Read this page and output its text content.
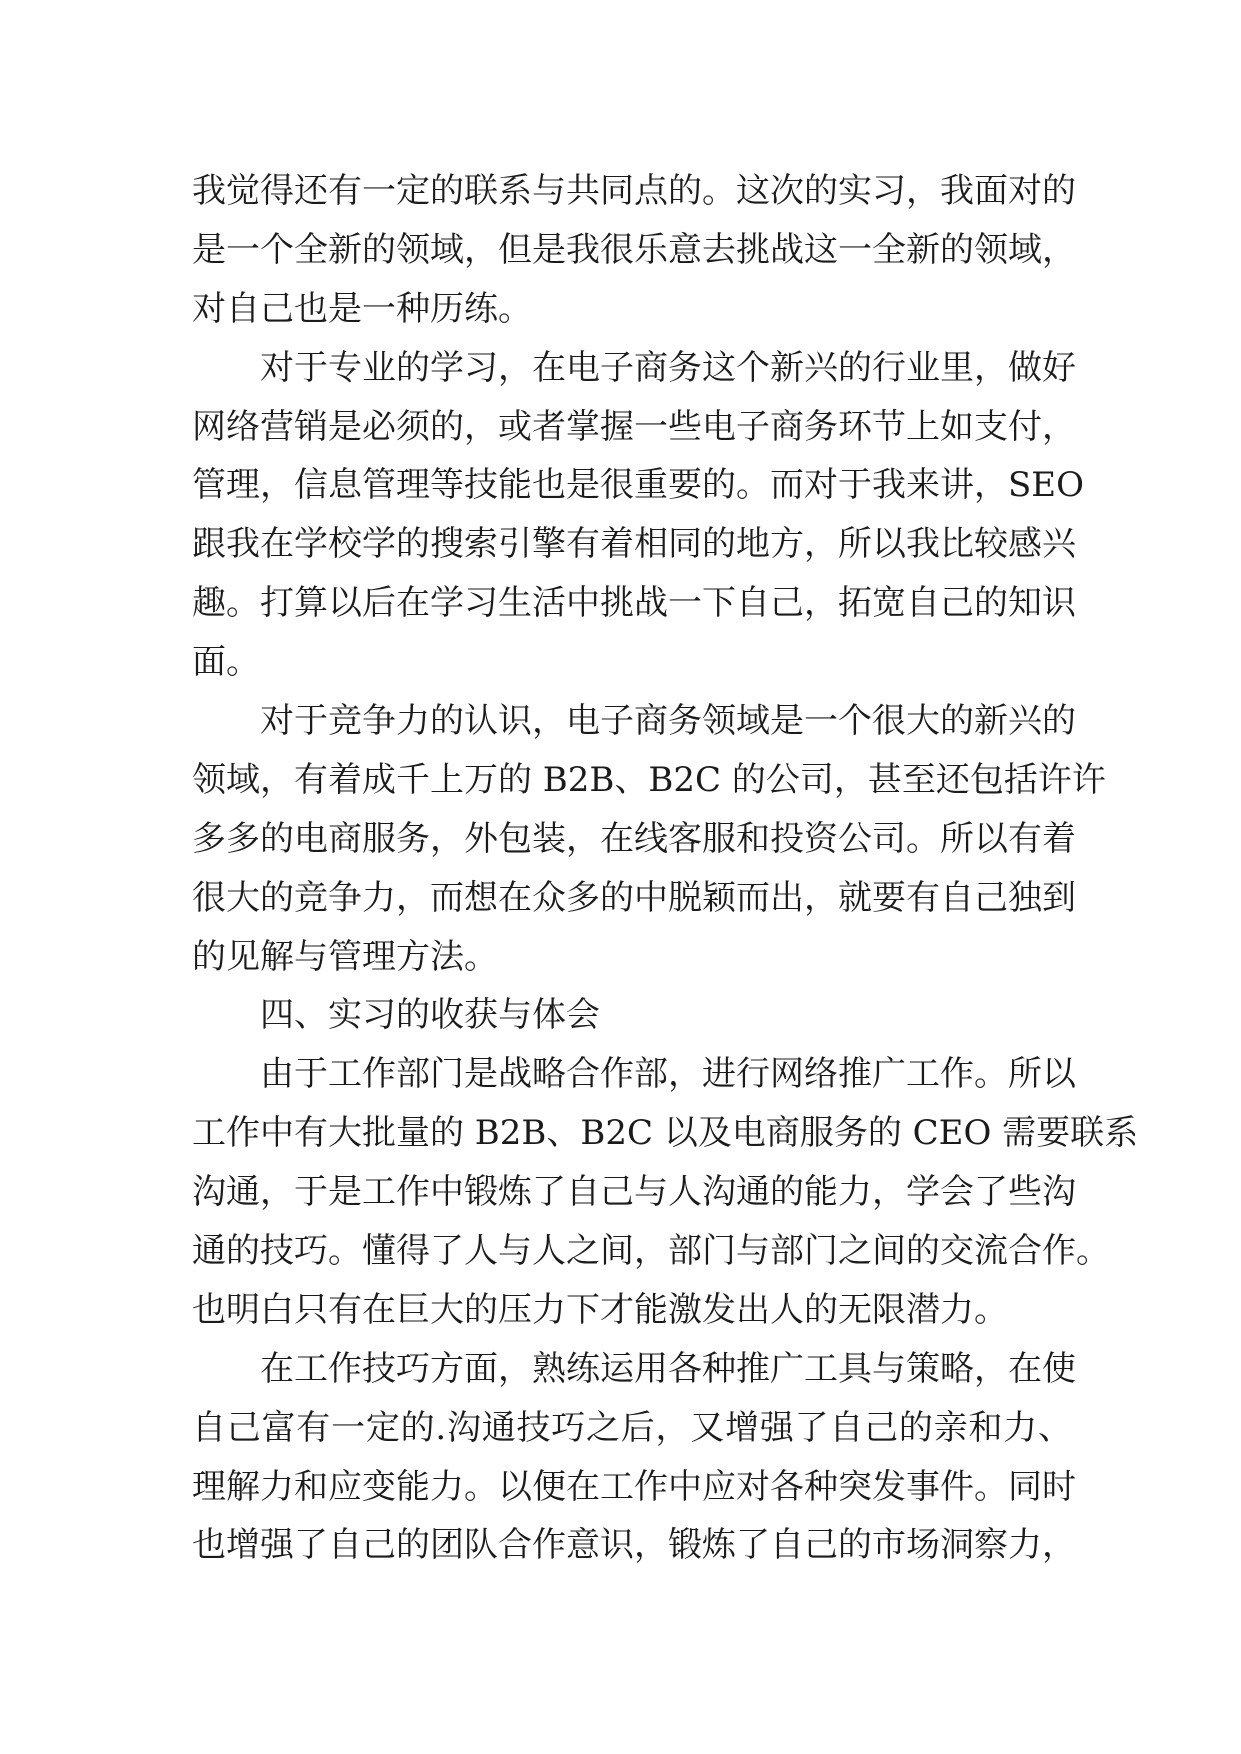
我觉得还有一定的联系与共同点的。这次的实习，我面对的
是一个全新的领域，但是我很乐意去挑战这一全新的领域，
对自己也是一种历练。
对于专业的学习，在电子商务这个新兴的行业里，做好
网络营销是必须的，或者掌握一些电子商务环节上如支付，
管理，信息管理等技能也是很重要的。而对于我来讲，SEO
跟我在学校学的搜索引擎有着相同的地方，所以我比较感兴
趣。打算以后在学习生活中挑战一下自己，拓宽自己的知识
面。
对于竞争力的认识，电子商务领域是一个很大的新兴的
领域，有着成千上万的 B2B、B2C 的公司，甚至还包括许许
多多的电商服务，外包装，在线客服和投资公司。所以有着
很大的竞争力，而想在众多的中脱颖而出，就要有自己独到
的见解与管理方法。
四、实习的收获与体会
由于工作部门是战略合作部，进行网络推广工作。所以
工作中有大批量的 B2B、B2C 以及电商服务的 CEO 需要联系
沟通，于是工作中锻炼了自己与人沟通的能力，学会了些沟
通的技巧。懂得了人与人之间，部门与部门之间的交流合作。
也明白只有在巨大的压力下才能激发出人的无限潜力。
在工作技巧方面，熟练运用各种推广工具与策略，在使
自己富有一定的.沟通技巧之后，又增强了自己的亲和力、
理解力和应变能力。以便在工作中应对各种突发事件。同时
也增强了自己的团队合作意识，锻炼了自己的市场洞察力，
